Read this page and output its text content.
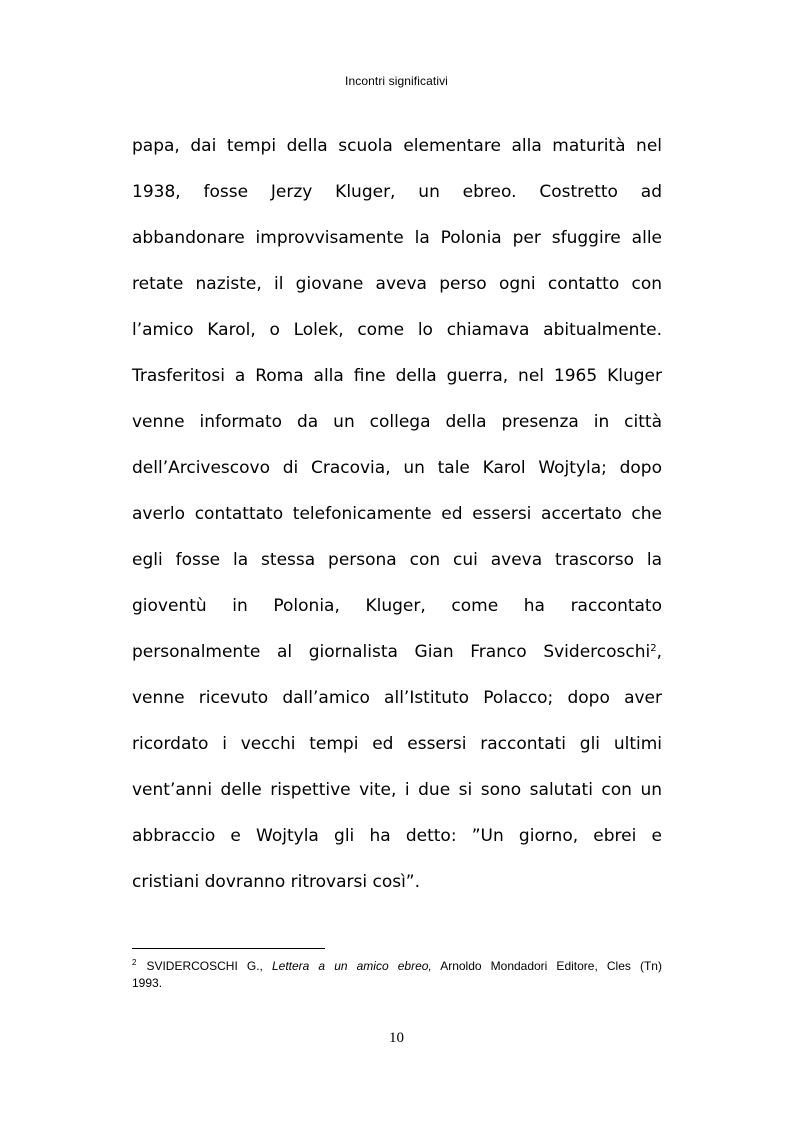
Incontri significativi
papa, dai tempi della scuola elementare alla maturità nel
1938, fosse Jerzy Kluger, un ebreo. Costretto ad
abbandonare improvvisamente la Polonia per sfuggire alle
retate naziste, il giovane aveva perso ogni contatto con
l’amico Karol, o Lolek, come lo chiamava abitualmente.
Trasferitosi a Roma alla fine della guerra, nel 1965 Kluger
venne informato da un collega della presenza in città
dell’Arcivescovo di Cracovia, un tale Karol Wojtyla; dopo
averlo contattato telefonicamente ed essersi accertato che
egli fosse la stessa persona con cui aveva trascorso la
gioventù in Polonia, Kluger, come ha raccontato
personalmente al giornalista Gian Franco Svidercoschi$^2$,
venne ricevuto dall’amico all’Istituto Polacco; dopo aver
ricordato i vecchi tempi ed essersi raccontati gli ultimi
vent’anni delle rispettive vite, i due si sono salutati con un
abbraccio e Wojtyla gli ha detto: ”Un giorno, ebrei e
cristiani dovranno ritrovarsi così”.
$^2$ SVIDERCOSCHI G., Lettera a un amico ebreo, Arnoldo Mondadori Editore, Cles (Tn)
1993.
10
